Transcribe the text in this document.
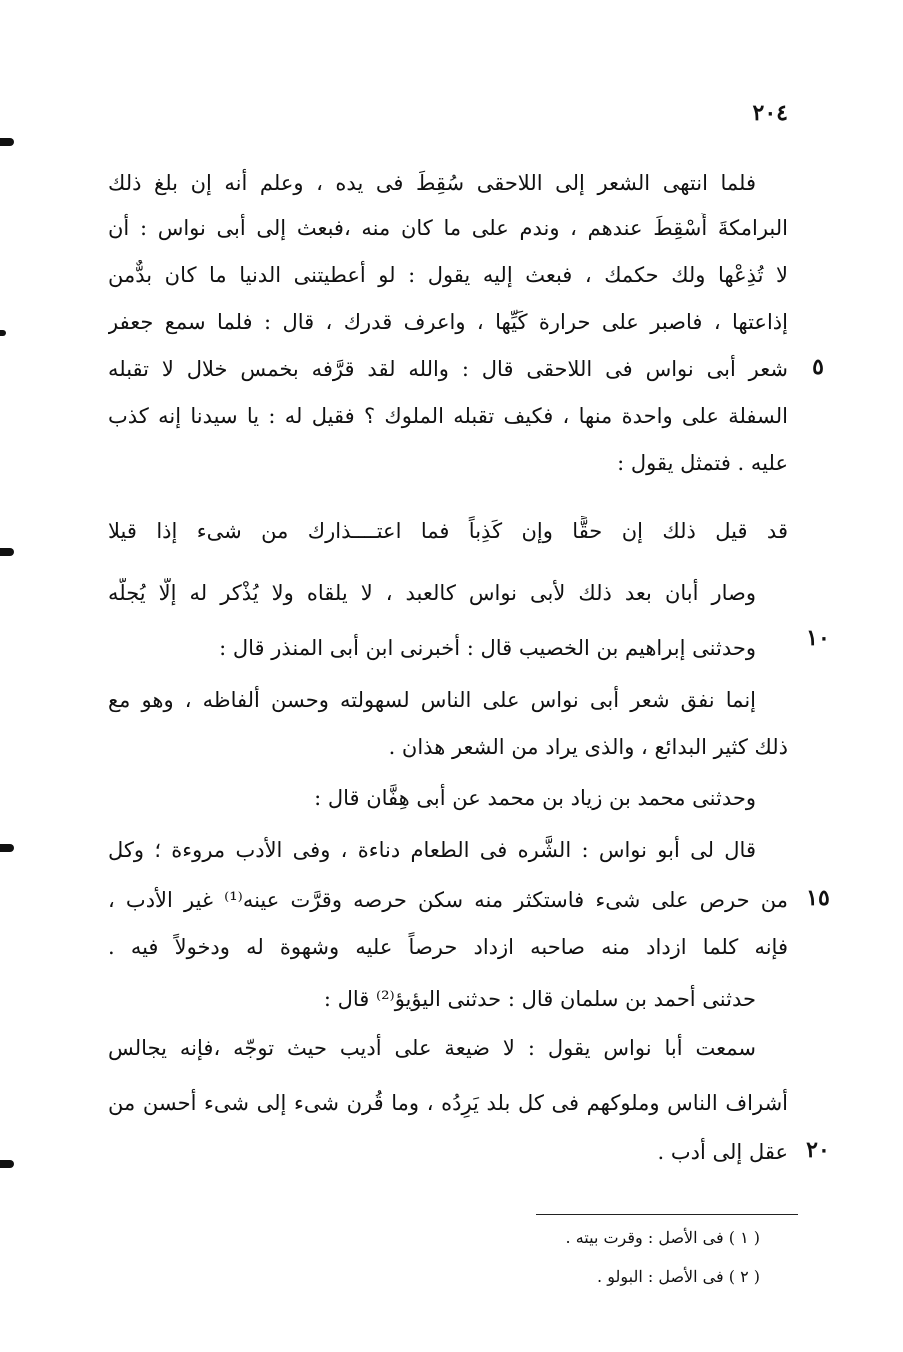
٢٠٤
فلما انتهى الشعر إلى اللاحقى سُقِطَ فى يده ، وعلم أنه إن بلغ ذلك
البرامكةَ أُسْقِطَ عندهم ، وندم على ما كان منه ،فبعث إلى أبى نواس : أن
لا تُذِعْها ولك حكمك ، فبعث إليه يقول : لو أعطيتنى الدنيا ما كان بدٌّمن
إذاعتها ، فاصبر على حرارة كَيِّها ، واعرف قدرك ، قال : فلما سمع جعفر
شعر أبى نواس فى اللاحقى قال : والله لقد قرَّفه بخمس خلال لا تقبله
السفلة على واحدة منها ، فكيف تقبله الملوك ؟ فقيل له : يا سيدنا إنه كذب
عليه . فتمثل يقول :
قد قيل ذلك إن حقًّا وإن كَذِباً فما اعتــــذارك من شىء إذا قيلا
وصار أبان بعد ذلك لأبى نواس كالعبد ، لا يلقاه ولا يُذْكر له إلَّا يُجلّه
وحدثنى إبراهيم بن الخصيب قال : أخبرنى ابن أبى المنذر قال :
إنما نفق شعر أبى نواس على الناس لسهولته وحسن ألفاظه ، وهو مع
ذلك كثير البدائع ، والذى يراد من الشعر هذان .
وحدثنى محمد بن زياد بن محمد عن أبى هِفَّان قال :
قال لى أبو نواس : الشَّره فى الطعام دناءة ، وفى الأدب مروءة ؛ وكل
من حرص على شىء فاستكثر منه سكن حرصه وقرَّت عينه⁽¹⁾ غير الأدب ،
فإنه كلما ازداد منه صاحبه ازداد حرصاً عليه وشهوة له ودخولاً فيه .
حدثنى أحمد بن سلمان قال : حدثنى اليؤيؤ⁽²⁾ قال :
سمعت أبا نواس يقول : لا ضيعة على أديب حيث توجّه ،فإنه يجالس
أشراف الناس وملوكهم فى كل بلد يَرِدُه ، وما قُرن شىء إلى شىء أحسن من
عقل إلى أدب .
٥
١٠
١٥
٢٠
( ١ ) فى الأصل : وقرت بيته .
( ٢ ) فى الأصل : البولو .
